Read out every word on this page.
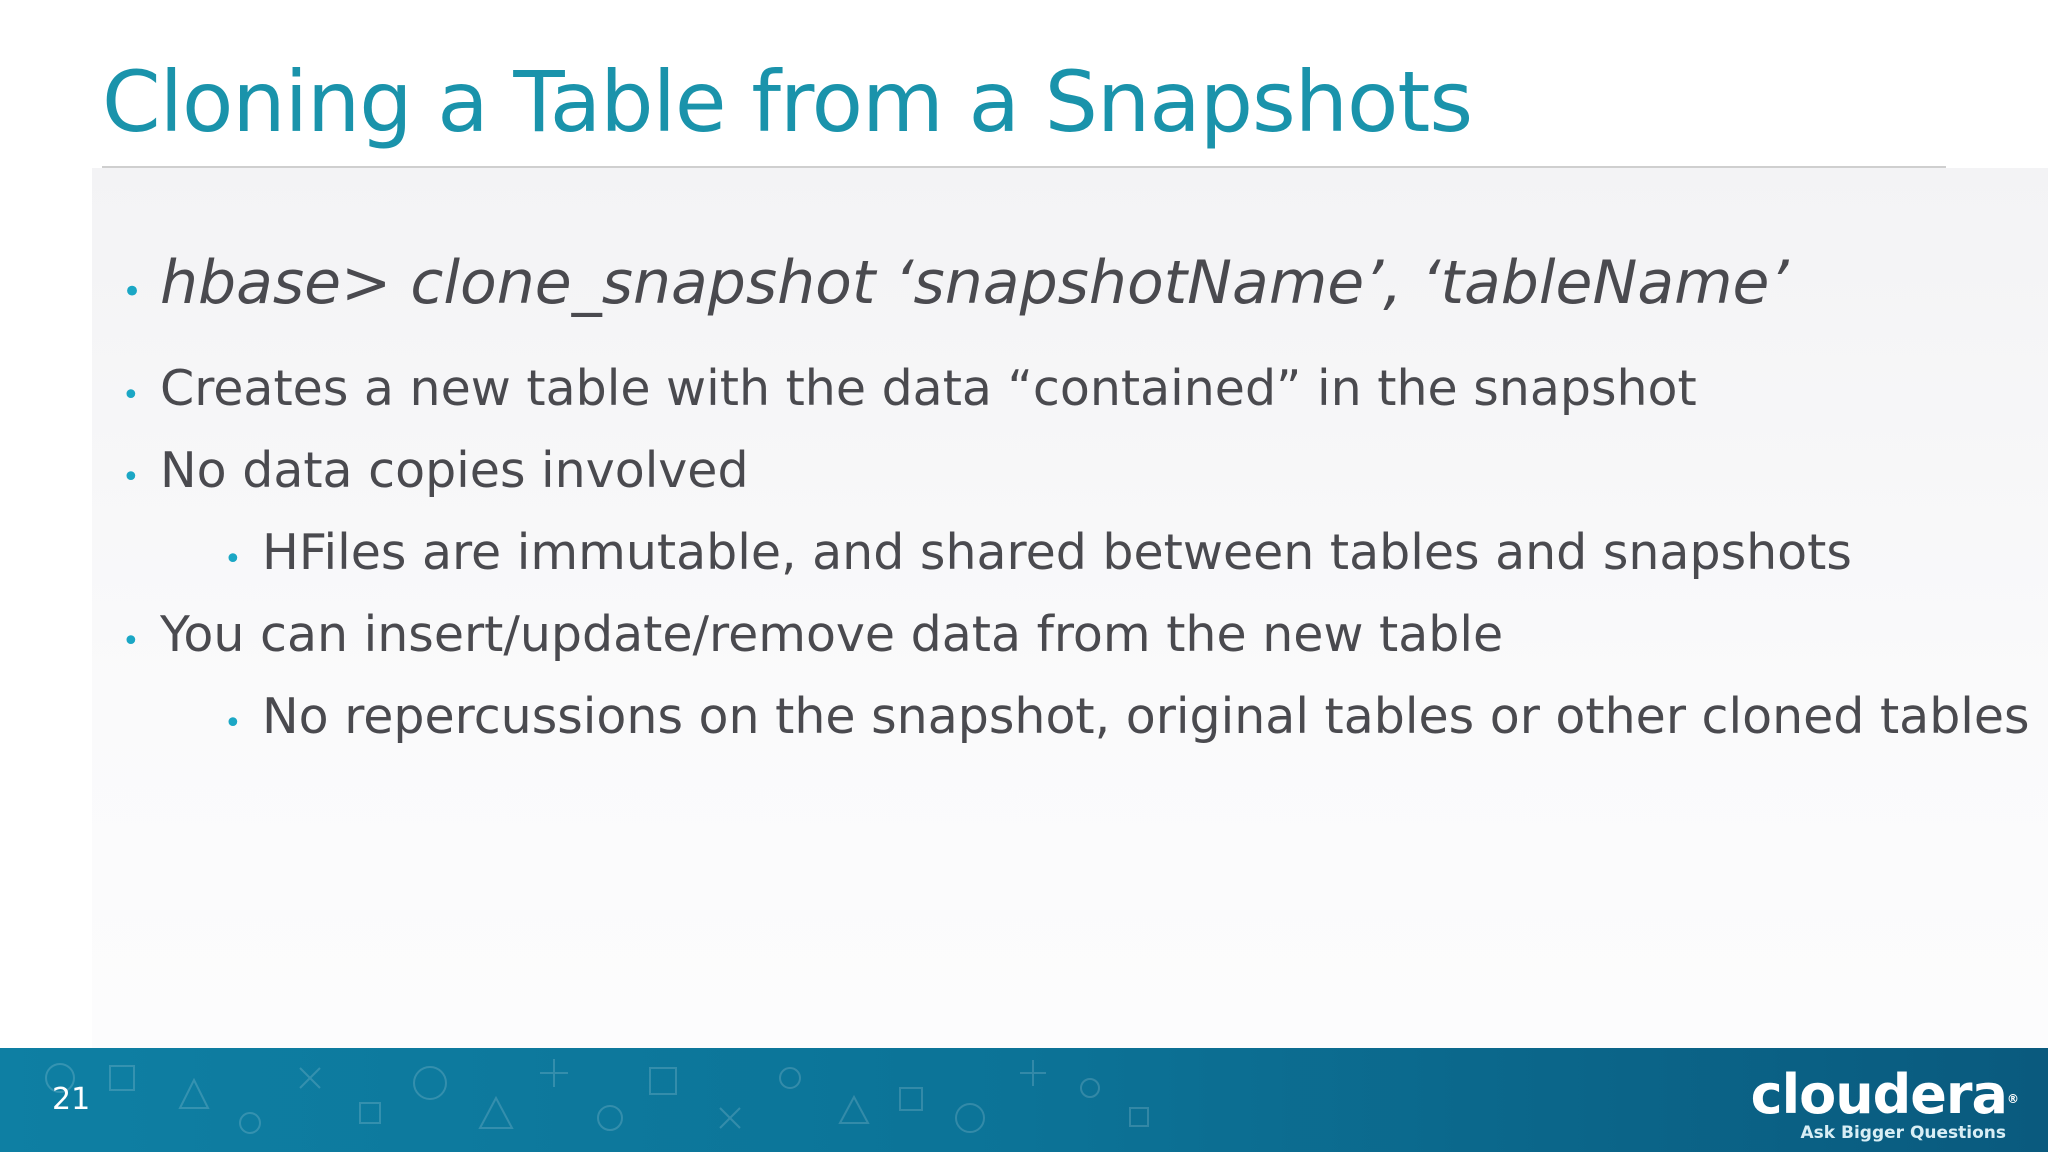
Cloning a Table from a Snapshots
• hbase> clone_snapshot ‘snapshotName’, ‘tableName’
• Creates a new table with the data “contained” in the snapshot
• No data copies involved
• HFiles are immutable, and shared between tables and snapshots
• You can insert/update/remove data from the new table
• No repercussions on the snapshot, original tables or other cloned tables
21	cloudera®
Ask Bigger Questions
